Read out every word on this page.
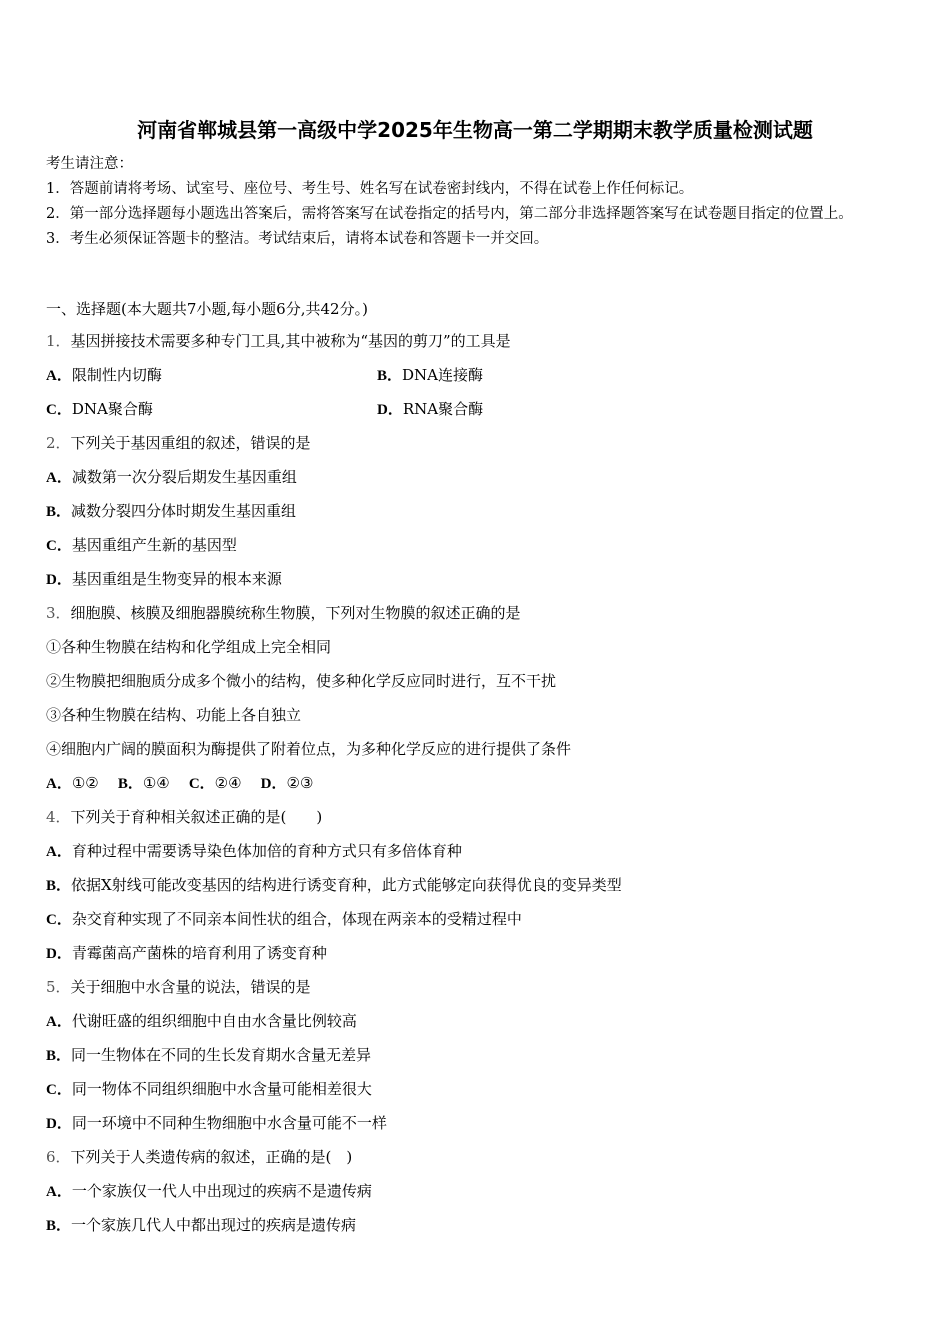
河南省郸城县第一高级中学2025年生物高一第二学期期末教学质量检测试题
考生请注意：
1．答题前请将考场、试室号、座位号、考生号、姓名写在试卷密封线内，不得在试卷上作任何标记。
2．第一部分选择题每小题选出答案后，需将答案写在试卷指定的括号内，第二部分非选择题答案写在试卷题目指定的位置上。
3．考生必须保证答题卡的整洁。考试结束后，请将本试卷和答题卡一并交回。
一、选择题(本大题共7小题,每小题6分,共42分。)
1．基因拼接技术需要多种专门工具,其中被称为“基因的剪刀”的工具是
A．限制性内切酶	B．DNA连接酶
C．DNA聚合酶	D．RNA聚合酶
2．下列关于基因重组的叙述，错误的是
A．减数第一次分裂后期发生基因重组
B．减数分裂四分体时期发生基因重组
C．基因重组产生新的基因型
D．基因重组是生物变异的根本来源
3．细胞膜、核膜及细胞器膜统称生物膜，下列对生物膜的叙述正确的是
①各种生物膜在结构和化学组成上完全相同
②生物膜把细胞质分成多个微小的结构，使多种化学反应同时进行，互不干扰
③各种生物膜在结构、功能上各自独立
④细胞内广阔的膜面积为酶提供了附着位点，为多种化学反应的进行提供了条件
A．①② B．①④ C．②④ D．②③
4．下列关于育种相关叙述正确的是(　　)
A．育种过程中需要诱导染色体加倍的育种方式只有多倍体育种
B．依据X射线可能改变基因的结构进行诱变育种，此方式能够定向获得优良的变异类型
C．杂交育种实现了不同亲本间性状的组合，体现在两亲本的受精过程中
D．青霉菌高产菌株的培育利用了诱变育种
5．关于细胞中水含量的说法，错误的是
A．代谢旺盛的组织细胞中自由水含量比例较高
B．同一生物体在不同的生长发育期水含量无差异
C．同一物体不同组织细胞中水含量可能相差很大
D．同一环境中不同种生物细胞中水含量可能不一样
6．下列关于人类遗传病的叙述，正确的是(　)
A．一个家族仅一代人中出现过的疾病不是遗传病
B．一个家族几代人中都出现过的疾病是遗传病
